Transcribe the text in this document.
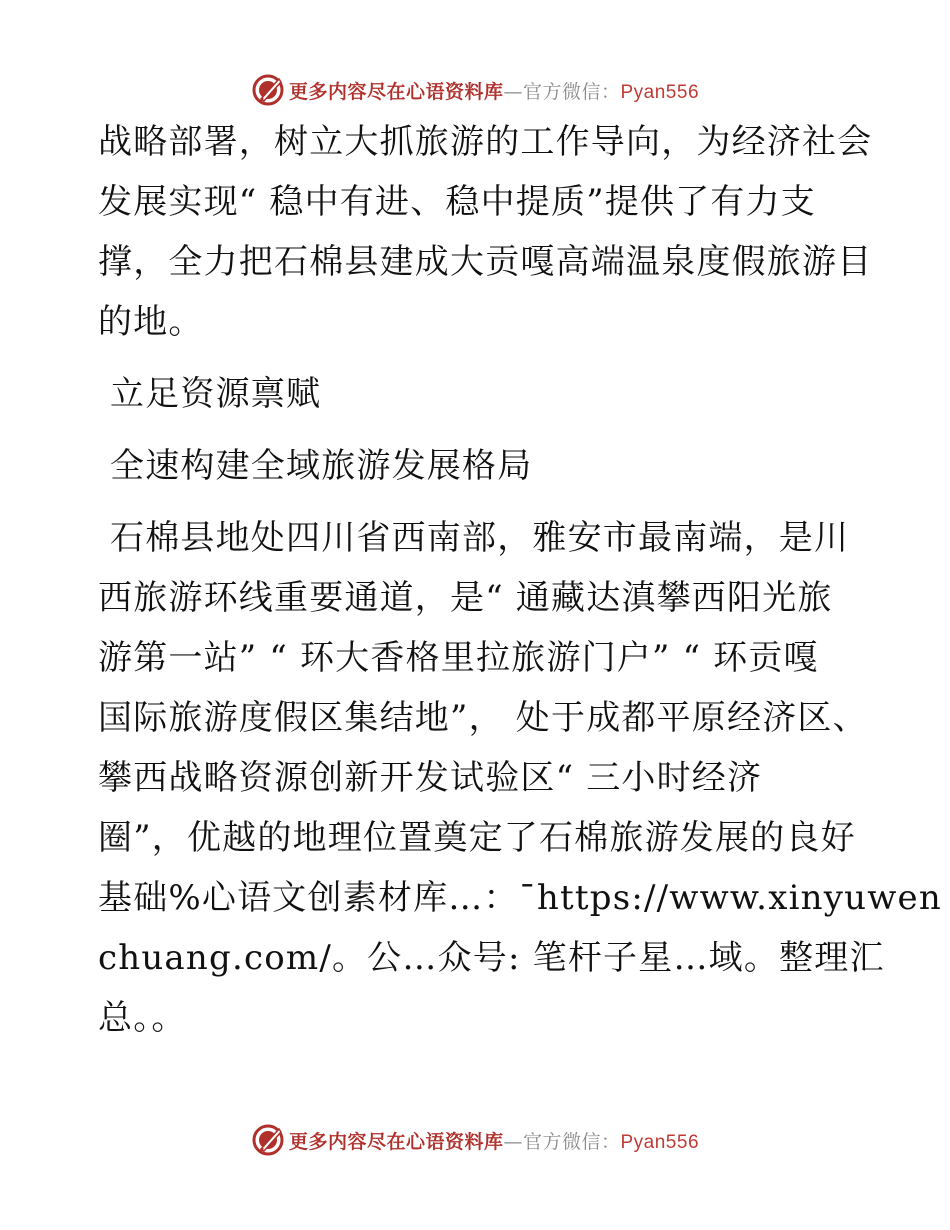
更多内容尽在心语资料库—官方微信：Pyan556
战略部署，树立大抓旅游的工作导向，为经济社会
发展实现“ 稳中有进、稳中提质”提供了有力支
撑，全力把石棉县建成大贡嘎高端温泉度假旅游目
的地。
立足资源禀赋
全速构建全域旅游发展格局
石棉县地处四川省西南部，雅安市最南端，是川
西旅游环线重要通道，是“ 通藏达滇攀西阳光旅
游第一站” “ 环大香格里拉旅游门户” “ 环贡嘎
国际旅游度假区集结地”， 处于成都平原经济区、
攀西战略资源创新开发试验区“ 三小时经济
圈”，优越的地理位置奠定了石棉旅游发展的良好
基础%心语文创素材库…：¯https://www.xinyuwen
chuang.com/。公…众号: 笔杆子星…域。整理汇
总。。
更多内容尽在心语资料库—官方微信：Pyan556
